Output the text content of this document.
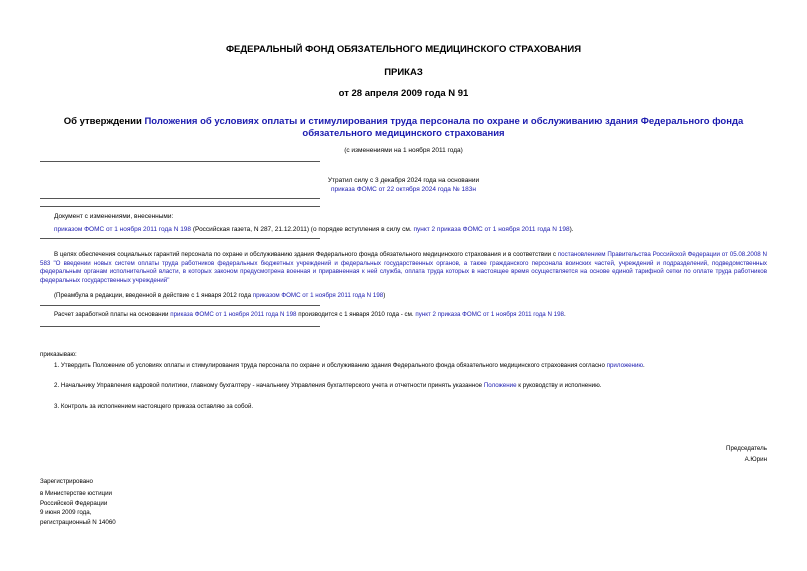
ФЕДЕРАЛЬНЫЙ ФОНД ОБЯЗАТЕЛЬНОГО МЕДИЦИНСКОГО СТРАХОВАНИЯ
ПРИКАЗ
от 28 апреля 2009 года N 91
Об утверждении Положения об условиях оплаты и стимулирования труда персонала по охране и обслуживанию здания Федерального фонда обязательного медицинского страхования
(с изменениями на 1 ноября 2011 года)
Утратил силу с 3 декабря 2024 года на основании
приказа ФОМС от 22 октября 2024 года № 183н
Документ с изменениями, внесенными:
приказом ФОМС от 1 ноября 2011 года N 198 (Российская газета, N 287, 21.12.2011) (о порядке вступления в силу см. пункт 2 приказа ФОМС от 1 ноября 2011 года N 198).
В целях обеспечения социальных гарантий персонала по охране и обслуживанию здания Федерального фонда обязательного медицинского страхования и в соответствии с постановлением Правительства Российской Федерации от 05.08.2008 N 583 "О введении новых систем оплаты труда работников федеральных бюджетных учреждений и федеральных государственных органов, а также гражданского персонала воинских частей, учреждений и подразделений, подведомственных федеральным органам исполнительной власти, в которых законом предусмотрена военная и приравненная к ней служба, оплата труда которых в настоящее время осуществляется на основе единой тарифной сетки по оплате труда работников федеральных государственных учреждений"
(Преамбула в редакции, введенной в действие с 1 января 2012 года приказом ФОМС от 1 ноября 2011 года N 198)
Расчет заработной платы на основании приказа ФОМС от 1 ноября 2011 года N 198 производится с 1 января 2010 года - см. пункт 2 приказа ФОМС от 1 ноября 2011 года N 198.
приказываю:
1. Утвердить Положение об условиях оплаты и стимулирования труда персонала по охране и обслуживанию здания Федерального фонда обязательного медицинского страхования согласно приложению.
2. Начальнику Управления кадровой политики, главному бухгалтеру - начальнику Управления бухгалтерского учета и отчетности принять указанное Положение к руководству и исполнению.
3. Контроль за исполнением настоящего приказа оставляю за собой.
Председатель
А.Юрин
Зарегистрировано
в Министерстве юстиции
Российской Федерации
9 июня 2009 года,
регистрационный N 14060
